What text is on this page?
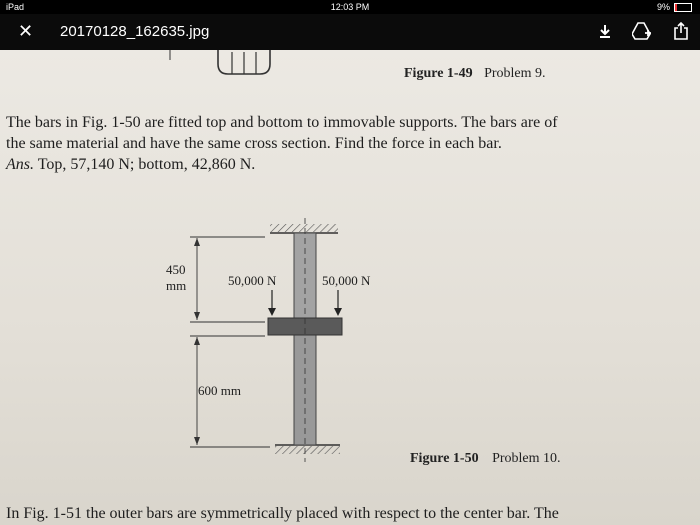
iPad	12:03 PM	9%
✕ 20170128_162635.jpg
Figure 1-49 Problem 9.

The bars in Fig. 1-50 are fitted top and bottom to immovable supports. The bars are of

the same material and have the same cross section. Find the force in each bar.

Ans. Top, 57,140 N; bottom, 42,860 N.

450
mm	50,000 N	50,000 N
600 mm
Figure 1-50 Problem 10.
In Fig. 1-51 the outer bars are symmetrically placed with respect to the center bar. The
